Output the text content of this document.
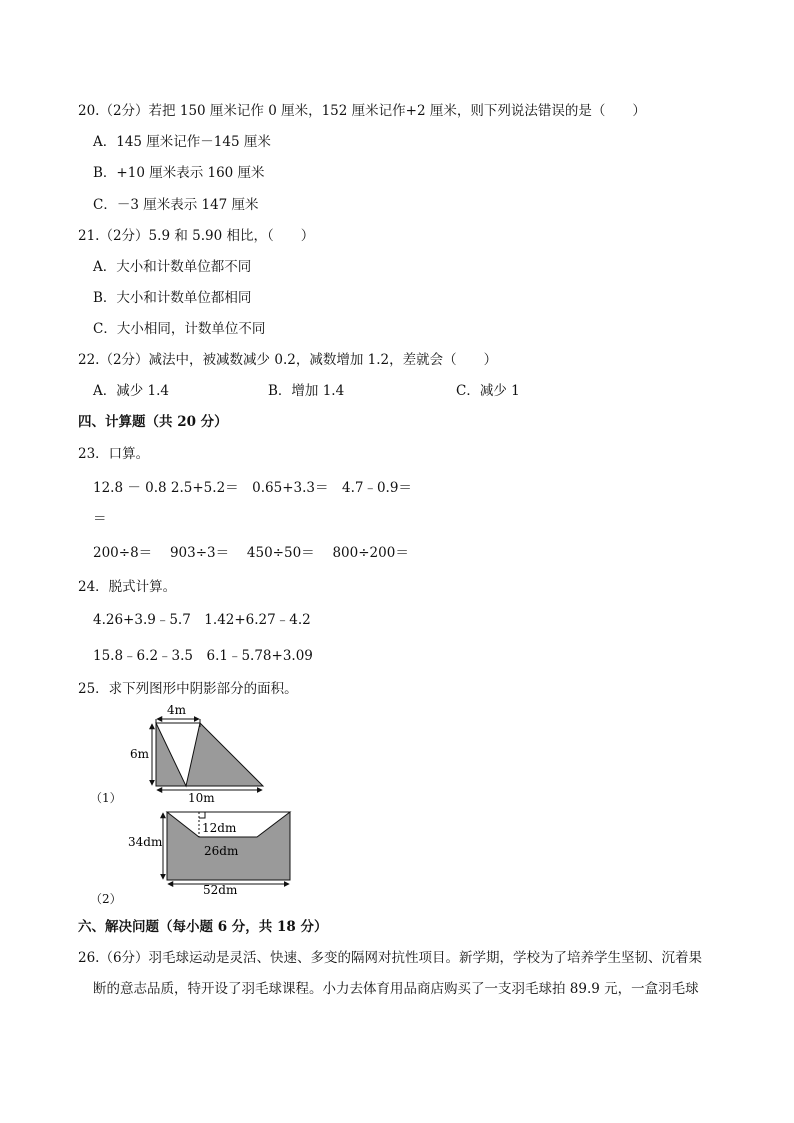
20.（2分）若把 150 厘米记作 0 厘米，152 厘米记作+2 厘米，则下列说法错误的是（　　）
A．145 厘米记作－145 厘米
B．+10 厘米表示 160 厘米
C．－3 厘米表示 147 厘米
21.（2分）5.9 和 5.90 相比，（　　）
A．大小和计数单位都不同
B．大小和计数单位都相同
C．大小相同，计数单位不同
22.（2分）减法中，被减数减少 0.2，减数增加 1.2，差就会（　　）
A．减少 1.4	B．增加 1.4	C．减少 1
四、计算题（共 20 分）
23．口算。
12.8 － 0.8 2.5+5.2＝　0.65+3.3＝　4.7﹣0.9＝
＝
200÷8＝　 903÷3＝　 450÷50＝　 800÷200＝
24．脱式计算。
4.26+3.9﹣5.7　1.42+6.27﹣4.2
15.8﹣6.2﹣3.5　6.1﹣5.78+3.09
25．求下列图形中阴影部分的面积。
4m
6m
10m
（1）
12dm
26dm
34dm
52dm
（2）
六、解决问题（每小题 6 分，共 18 分）
26.（6分）羽毛球运动是灵活、快速、多变的隔网对抗性项目。新学期，学校为了培养学生坚韧、沉着果
断的意志品质，特开设了羽毛球课程。小力去体育用品商店购买了一支羽毛球拍 89.9 元，一盒羽毛球
